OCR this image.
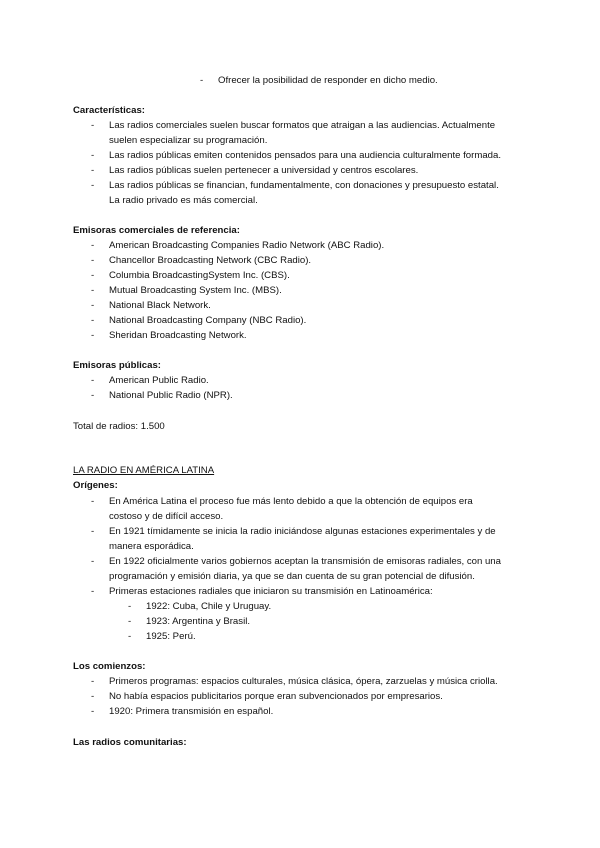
-	Ofrecer la posibilidad de responder en dicho medio.
Características:
-	Las radios comerciales suelen buscar formatos que atraigan a las audiencias. Actualmente
suelen especializar su programación.
-	Las radios públicas emiten contenidos pensados para una audiencia culturalmente formada.
-	Las radios públicas suelen pertenecer a universidad y centros escolares.
-	Las radios públicas se financian, fundamentalmente, con donaciones y presupuesto estatal.
La radio privado es más comercial.
Emisoras comerciales de referencia:
-	American Broadcasting Companies Radio Network (ABC Radio).
-	Chancellor Broadcasting Network (CBC Radio).
-	Columbia BroadcastingSystem Inc. (CBS).
-	Mutual Broadcasting System Inc. (MBS).
-	National Black Network.
-	National Broadcasting Company (NBC Radio).
-	Sheridan Broadcasting Network.
Emisoras públicas:
-	American Public Radio.
-	National Public Radio (NPR).
Total de radios: 1.500
LA RADIO EN AMÉRICA LATINA
Orígenes:
-	En América Latina el proceso fue más lento debido a que la obtención de equipos era
costoso y de difícil acceso.
-	En 1921 tímidamente se inicia la radio iniciándose algunas estaciones experimentales y de
manera esporádica.
-	En 1922 oficialmente varios gobiernos aceptan la transmisión de emisoras radiales, con una
programación y emisión diaria, ya que se dan cuenta de su gran potencial de difusión.
-	Primeras estaciones radiales que iniciaron su transmisión en Latinoamérica:
-	1922: Cuba, Chile y Uruguay.
-	1923: Argentina y Brasil.
-	1925: Perú.
Los comienzos:
-	Primeros programas: espacios culturales, música clásica, ópera, zarzuelas y música criolla.
-	No había espacios publicitarios porque eran subvencionados por empresarios.
-	1920: Primera transmisión en español.
Las radios comunitarias:
